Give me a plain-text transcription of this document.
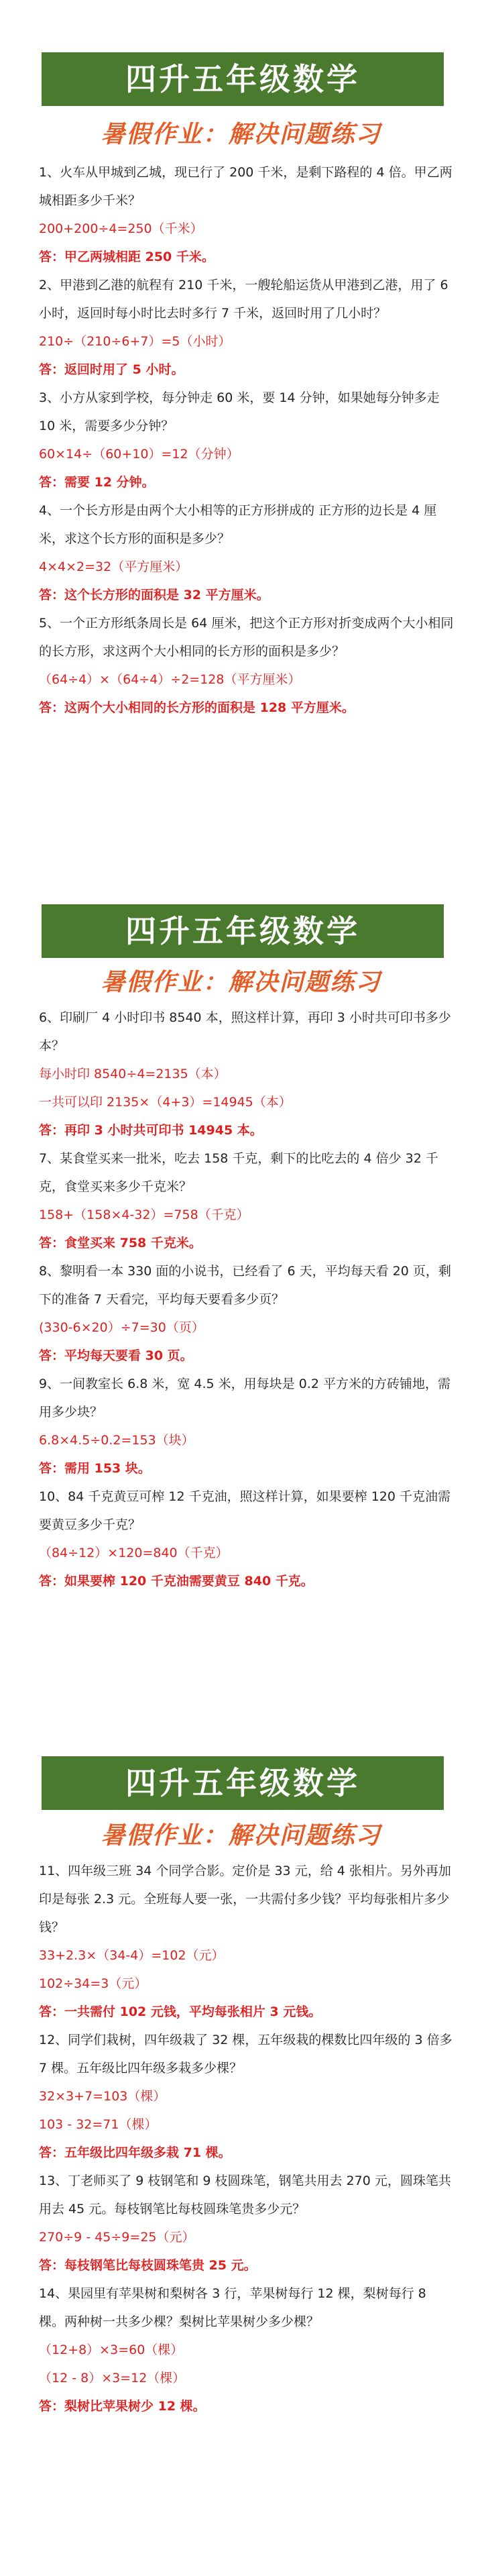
四升五年级数学
暑假作业：解决问题练习
1、火车从甲城到乙城，现已行了 200 千米，是剩下路程的 4 倍。甲乙两城相距多少千米？
200+200÷4=250（千米）
答：甲乙两城相距 250 千米。
2、甲港到乙港的航程有 210 千米，一艘轮船运货从甲港到乙港，用了 6 小时，返回时每小时比去时多行 7 千米，返回时用了几小时？
210÷（210÷6+7）=5（小时）
答：返回时用了 5 小时。
3、小方从家到学校，每分钟走 60 米，要 14 分钟，如果她每分钟多走 10 米，需要多少分钟？
60×14÷（60+10）=12（分钟）
答：需要 12 分钟。
4、一个长方形是由两个大小相等的正方形拼成的 正方形的边长是 4 厘米，求这个长方形的面积是多少？
4×4×2=32（平方厘米）
答：这个长方形的面积是 32 平方厘米。
5、一个正方形纸条周长是 64 厘米，把这个正方形对折变成两个大小相同的长方形，求这两个大小相同的长方形的面积是多少？
（64÷4）×（64÷4）÷2=128（平方厘米）
答：这两个大小相同的长方形的面积是 128 平方厘米。
四升五年级数学
暑假作业：解决问题练习
6、印刷厂 4 小时印书 8540 本，照这样计算，再印 3 小时共可印书多少本？
每小时印 8540÷4=2135（本）
一共可以印 2135×（4+3）=14945（本）
答：再印 3 小时共可印书 14945 本。
7、某食堂买来一批米，吃去 158 千克，剩下的比吃去的 4 倍少 32 千克，食堂买来多少千克米？
158+（158×4-32）=758（千克）
答：食堂买来 758 千克米。
8、黎明看一本 330 面的小说书，已经看了 6 天，平均每天看 20 页，剩下的准备 7 天看完，平均每天要看多少页？
(330-6×20）÷7=30（页）
答：平均每天要看 30 页。
9、一间教室长 6.8 米，宽 4.5 米，用每块是 0.2 平方米的方砖铺地，需用多少块？
6.8×4.5÷0.2=153（块）
答：需用 153 块。
10、84 千克黄豆可榨 12 千克油，照这样计算，如果要榨 120 千克油需要黄豆多少千克？
（84÷12）×120=840（千克）
答：如果要榨 120 千克油需要黄豆 840 千克。
四升五年级数学
暑假作业：解决问题练习
11、四年级三班 34 个同学合影。定价是 33 元，给 4 张相片。另外再加印是每张 2.3 元。全班每人要一张，一共需付多少钱？平均每张相片多少钱？
33+2.3×（34-4）=102（元）
102÷34=3（元）
答：一共需付 102 元钱，平均每张相片 3 元钱。
12、同学们栽树，四年级栽了 32 棵，五年级栽的棵数比四年级的 3 倍多 7 棵。五年级比四年级多栽多少棵？
32×3+7=103（棵）
103 - 32=71（棵）
答：五年级比四年级多栽 71 棵。
13、丁老师买了 9 枝钢笔和 9 枝圆珠笔，钢笔共用去 270 元，圆珠笔共用去 45 元。每枝钢笔比每枝圆珠笔贵多少元？
270÷9 - 45÷9=25（元）
答：每枝钢笔比每枝圆珠笔贵 25 元。
14、果园里有苹果树和梨树各 3 行，苹果树每行 12 棵，梨树每行 8 棵。两种树一共多少棵？梨树比苹果树少多少棵？
（12+8）×3=60（棵）
（12 - 8）×3=12（棵）
答：梨树比苹果树少 12 棵。
